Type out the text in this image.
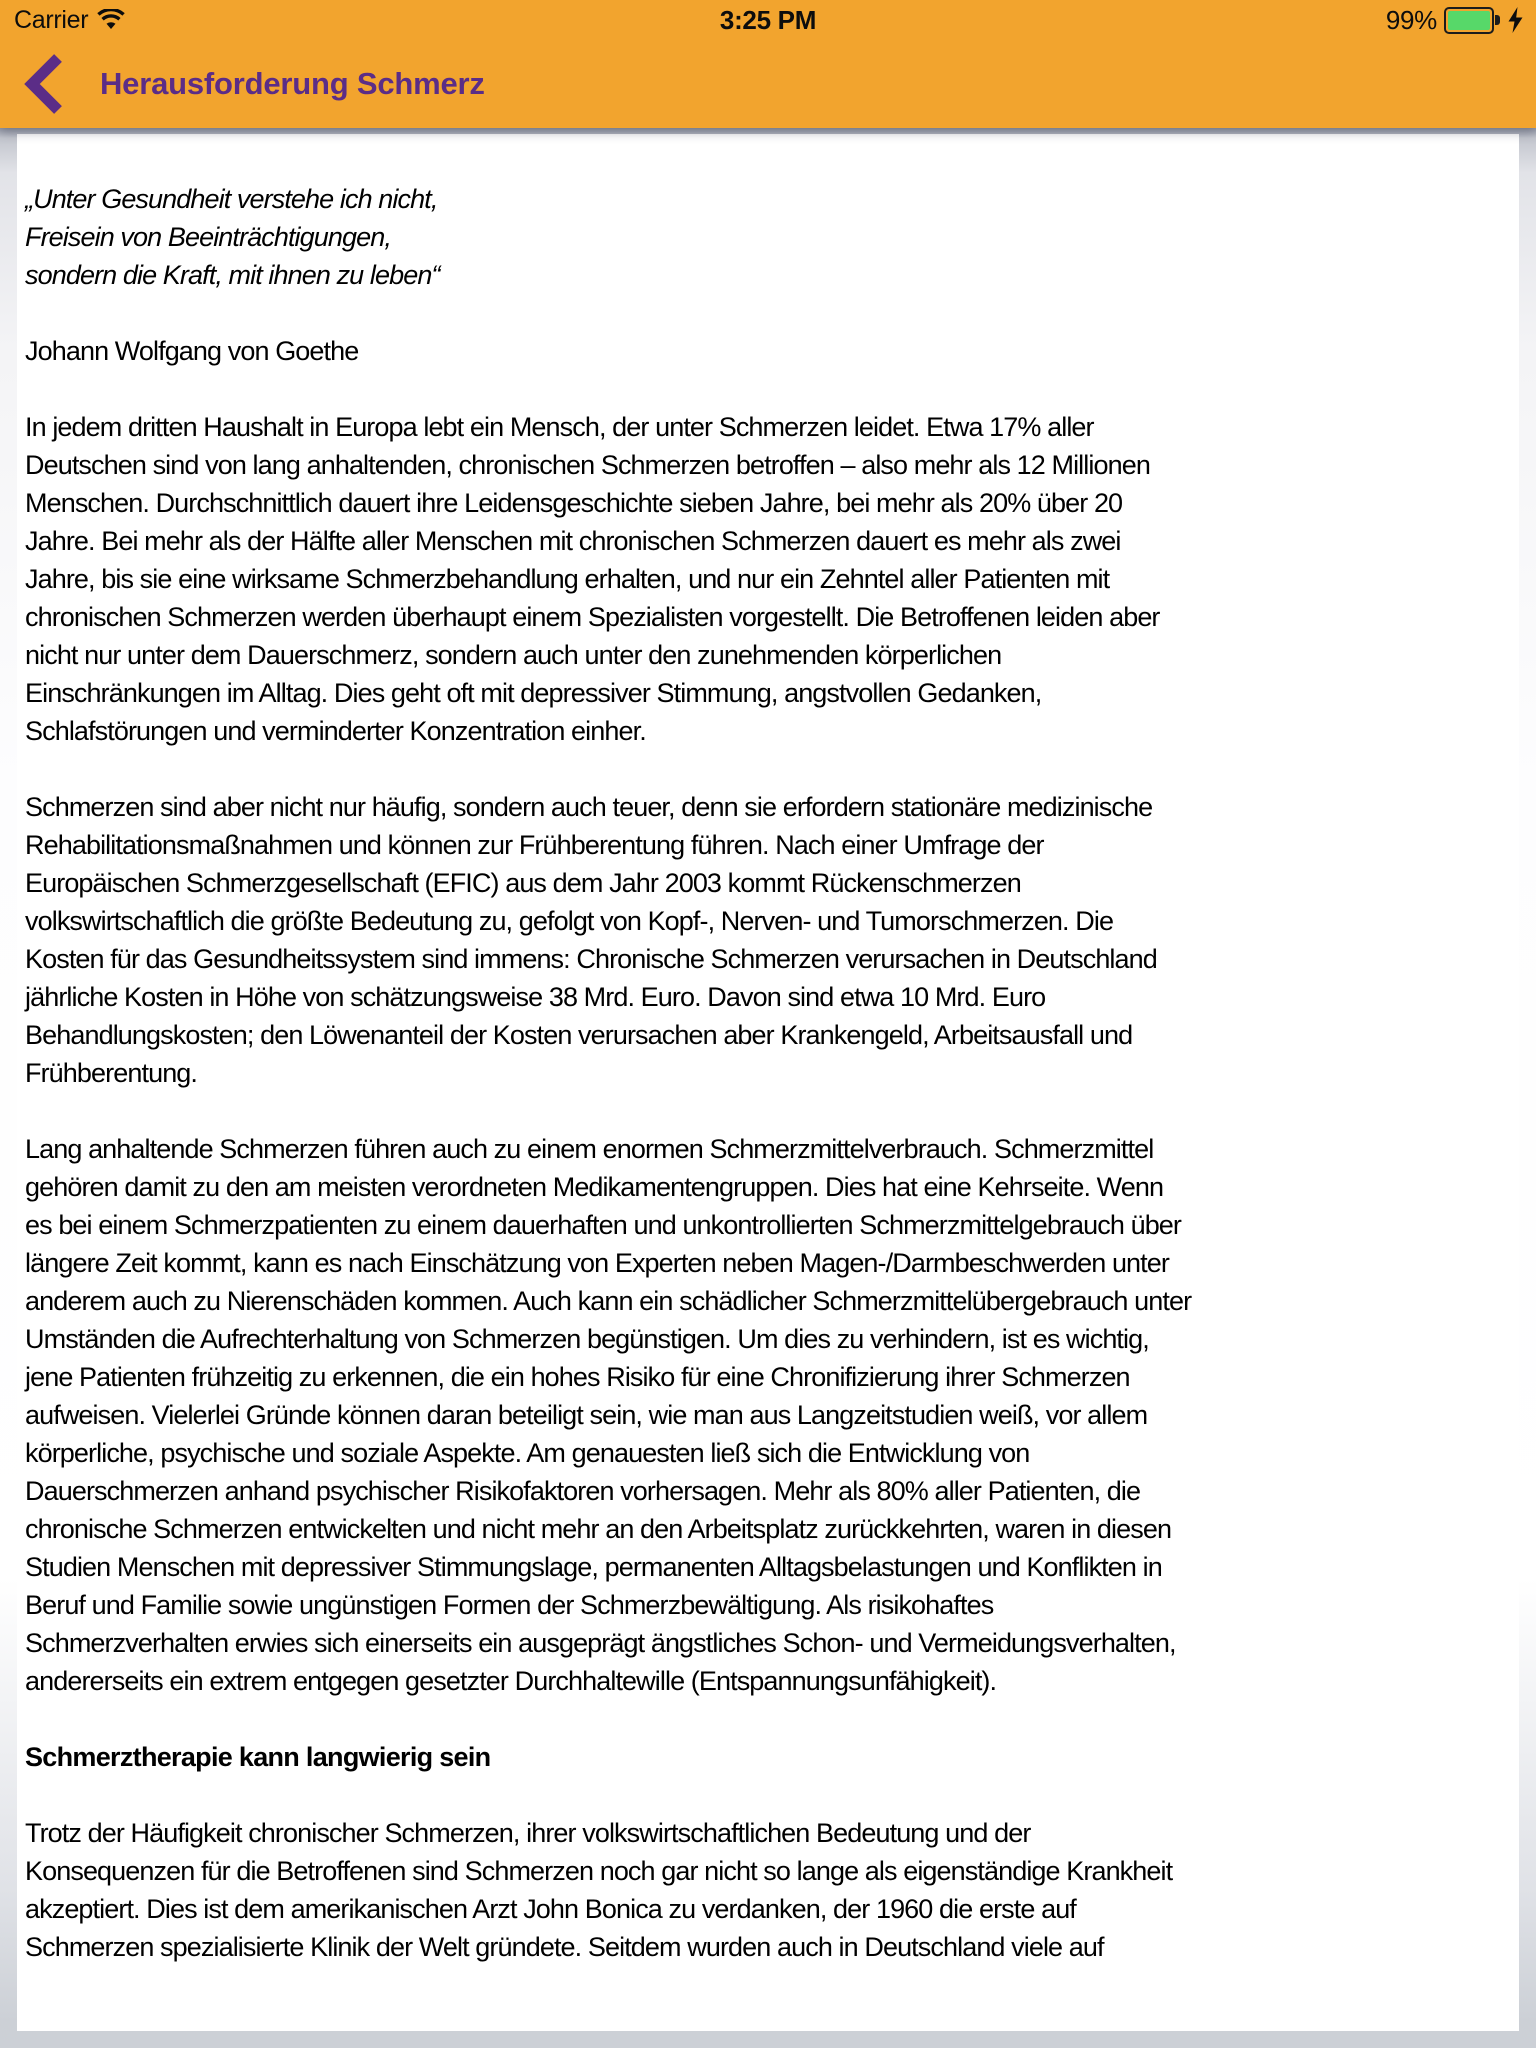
Carrier	3:25 PM	99%
Herausforderung Schmerz

„Unter Gesundheit verstehe ich nicht,
Freisein von Beeinträchtigungen,
sondern die Kraft, mit ihnen zu leben“

Johann Wolfgang von Goethe

In jedem dritten Haushalt in Europa lebt ein Mensch, der unter Schmerzen leidet. Etwa 17% aller Deutschen sind von lang anhaltenden, chronischen Schmerzen betroffen – also mehr als 12 Millionen Menschen. Durchschnittlich dauert ihre Leidensgeschichte sieben Jahre, bei mehr als 20% über 20 Jahre. Bei mehr als der Hälfte aller Menschen mit chronischen Schmerzen dauert es mehr als zwei Jahre, bis sie eine wirksame Schmerzbehandlung erhalten, und nur ein Zehntel aller Patienten mit chronischen Schmerzen werden überhaupt einem Spezialisten vorgestellt. Die Betroffenen leiden aber nicht nur unter dem Dauerschmerz, sondern auch unter den zunehmenden körperlichen Einschränkungen im Alltag. Dies geht oft mit depressiver Stimmung, angstvollen Gedanken, Schlafstörungen und verminderter Konzentration einher.

Schmerzen sind aber nicht nur häufig, sondern auch teuer, denn sie erfordern stationäre medizinische Rehabilitationsmaßnahmen und können zur Frühberentung führen. Nach einer Umfrage der Europäischen Schmerzgesellschaft (EFIC) aus dem Jahr 2003 kommt Rückenschmerzen volkswirtschaftlich die größte Bedeutung zu, gefolgt von Kopf-, Nerven- und Tumorschmerzen. Die Kosten für das Gesundheitssystem sind immens: Chronische Schmerzen verursachen in Deutschland jährliche Kosten in Höhe von schätzungsweise 38 Mrd. Euro. Davon sind etwa 10 Mrd. Euro Behandlungskosten; den Löwenanteil der Kosten verursachen aber Krankengeld, Arbeitsausfall und Frühberentung.

Lang anhaltende Schmerzen führen auch zu einem enormen Schmerzmittelverbrauch. Schmerzmittel gehören damit zu den am meisten verordneten Medikamentengruppen. Dies hat eine Kehrseite. Wenn es bei einem Schmerzpatienten zu einem dauerhaften und unkontrollierten Schmerzmittelgebrauch über längere Zeit kommt, kann es nach Einschätzung von Experten neben Magen-/Darmbeschwerden unter anderem auch zu Nierenschäden kommen. Auch kann ein schädlicher Schmerzmittelübergebrauch unter Umständen die Aufrechterhaltung von Schmerzen begünstigen. Um dies zu verhindern, ist es wichtig, jene Patienten frühzeitig zu erkennen, die ein hohes Risiko für eine Chronifizierung ihrer Schmerzen aufweisen. Vielerlei Gründe können daran beteiligt sein, wie man aus Langzeitstudien weiß, vor allem körperliche, psychische und soziale Aspekte. Am genauesten ließ sich die Entwicklung von Dauerschmerzen anhand psychischer Risikofaktoren vorhersagen. Mehr als 80% aller Patienten, die chronische Schmerzen entwickelten und nicht mehr an den Arbeitsplatz zurückkehrten, waren in diesen Studien Menschen mit depressiver Stimmungslage, permanenten Alltagsbelastungen und Konflikten in Beruf und Familie sowie ungünstigen Formen der Schmerzbewältigung. Als risikohaftes Schmerzverhalten erwies sich einerseits ein ausgeprägt ängstliches Schon- und Vermeidungsverhalten, andererseits ein extrem entgegen gesetzter Durchhaltewille (Entspannungsunfähigkeit).

Schmerztherapie kann langwierig sein

Trotz der Häufigkeit chronischer Schmerzen, ihrer volkswirtschaftlichen Bedeutung und der Konsequenzen für die Betroffenen sind Schmerzen noch gar nicht so lange als eigenständige Krankheit akzeptiert. Dies ist dem amerikanischen Arzt John Bonica zu verdanken, der 1960 die erste auf Schmerzen spezialisierte Klinik der Welt gründete. Seitdem wurden auch in Deutschland viele auf
